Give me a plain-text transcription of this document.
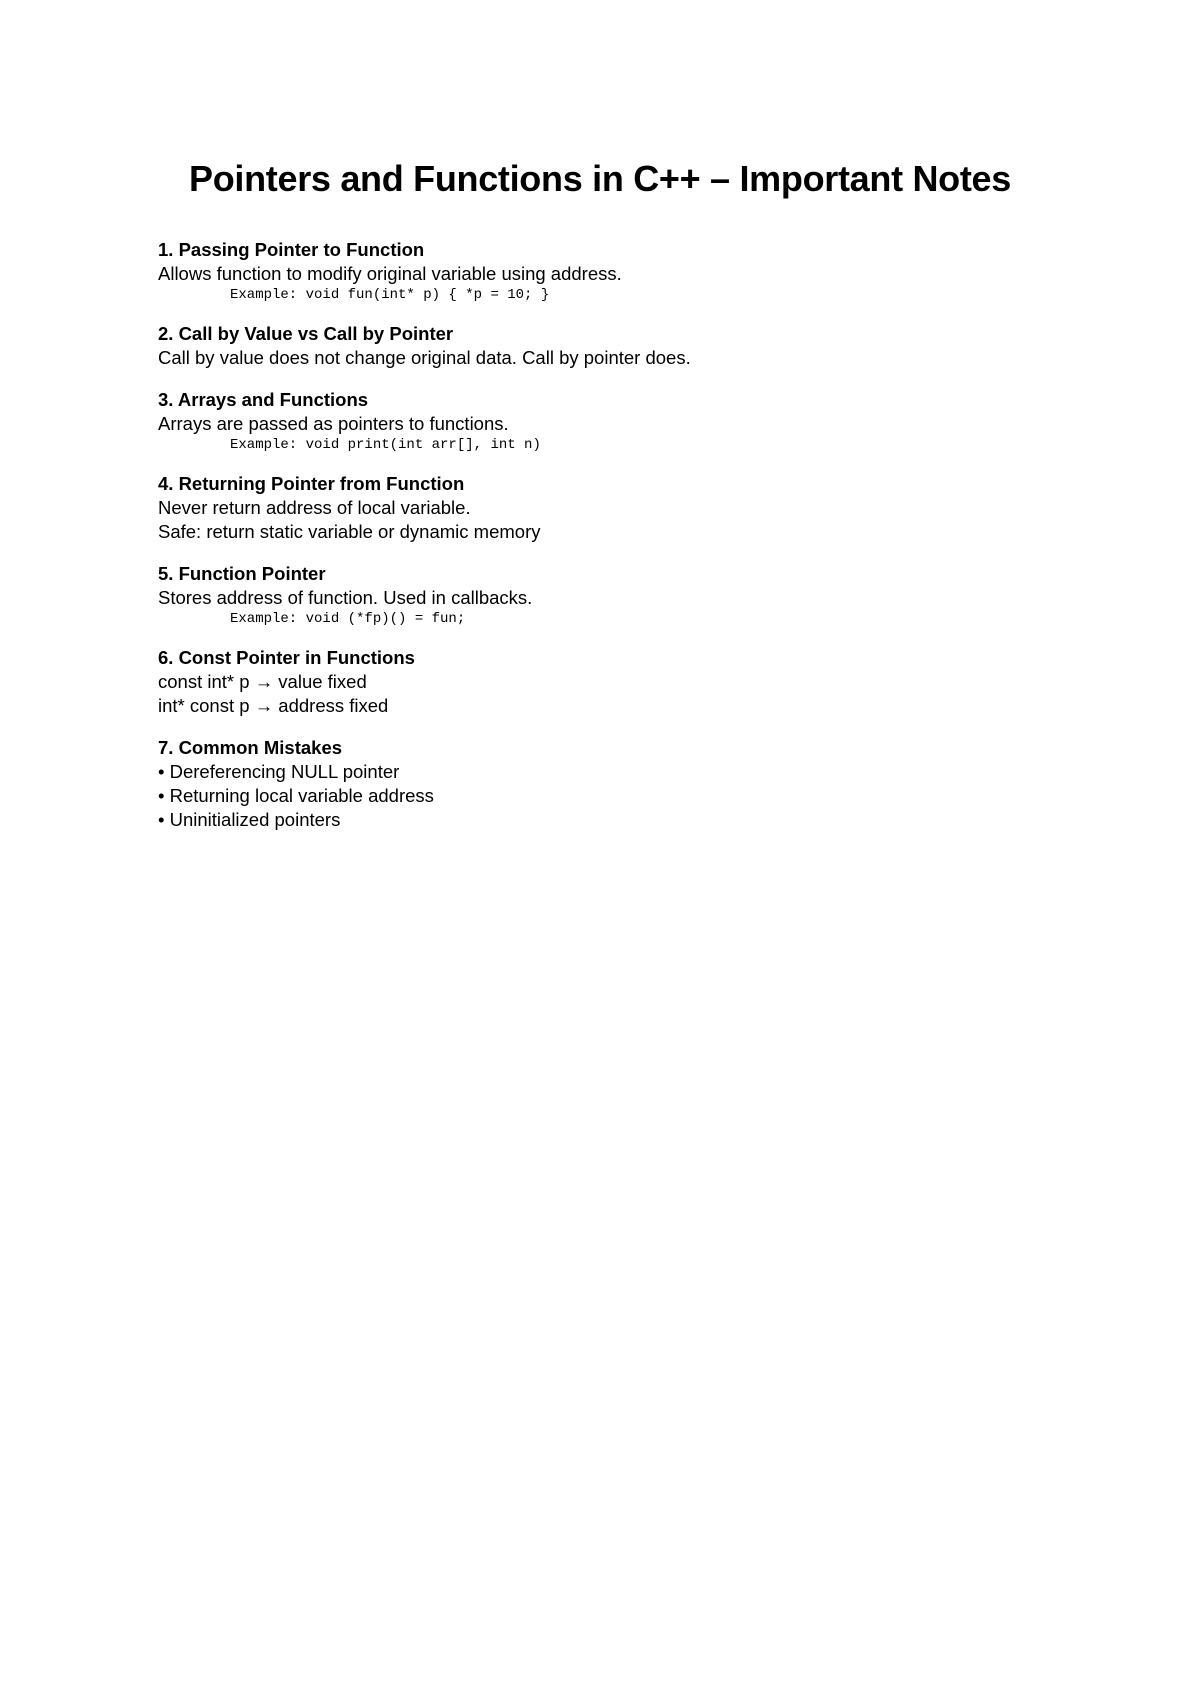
Pointers and Functions in C++ – Important Notes

1. Passing Pointer to Function

Allows function to modify original variable using address.

Example: void fun(int* p) { *p = 10; }

2. Call by Value vs Call by Pointer

Call by value does not change original data. Call by pointer does.

3. Arrays and Functions

Arrays are passed as pointers to functions.

Example: void print(int arr[], int n)

4. Returning Pointer from Function

Never return address of local variable.

Safe: return static variable or dynamic memory

5. Function Pointer

Stores address of function. Used in callbacks.

Example: void (*fp)() = fun;

6. Const Pointer in Functions

const int* p → value fixed

int* const p → address fixed

7. Common Mistakes

• Dereferencing NULL pointer

• Returning local variable address

• Uninitialized pointers
